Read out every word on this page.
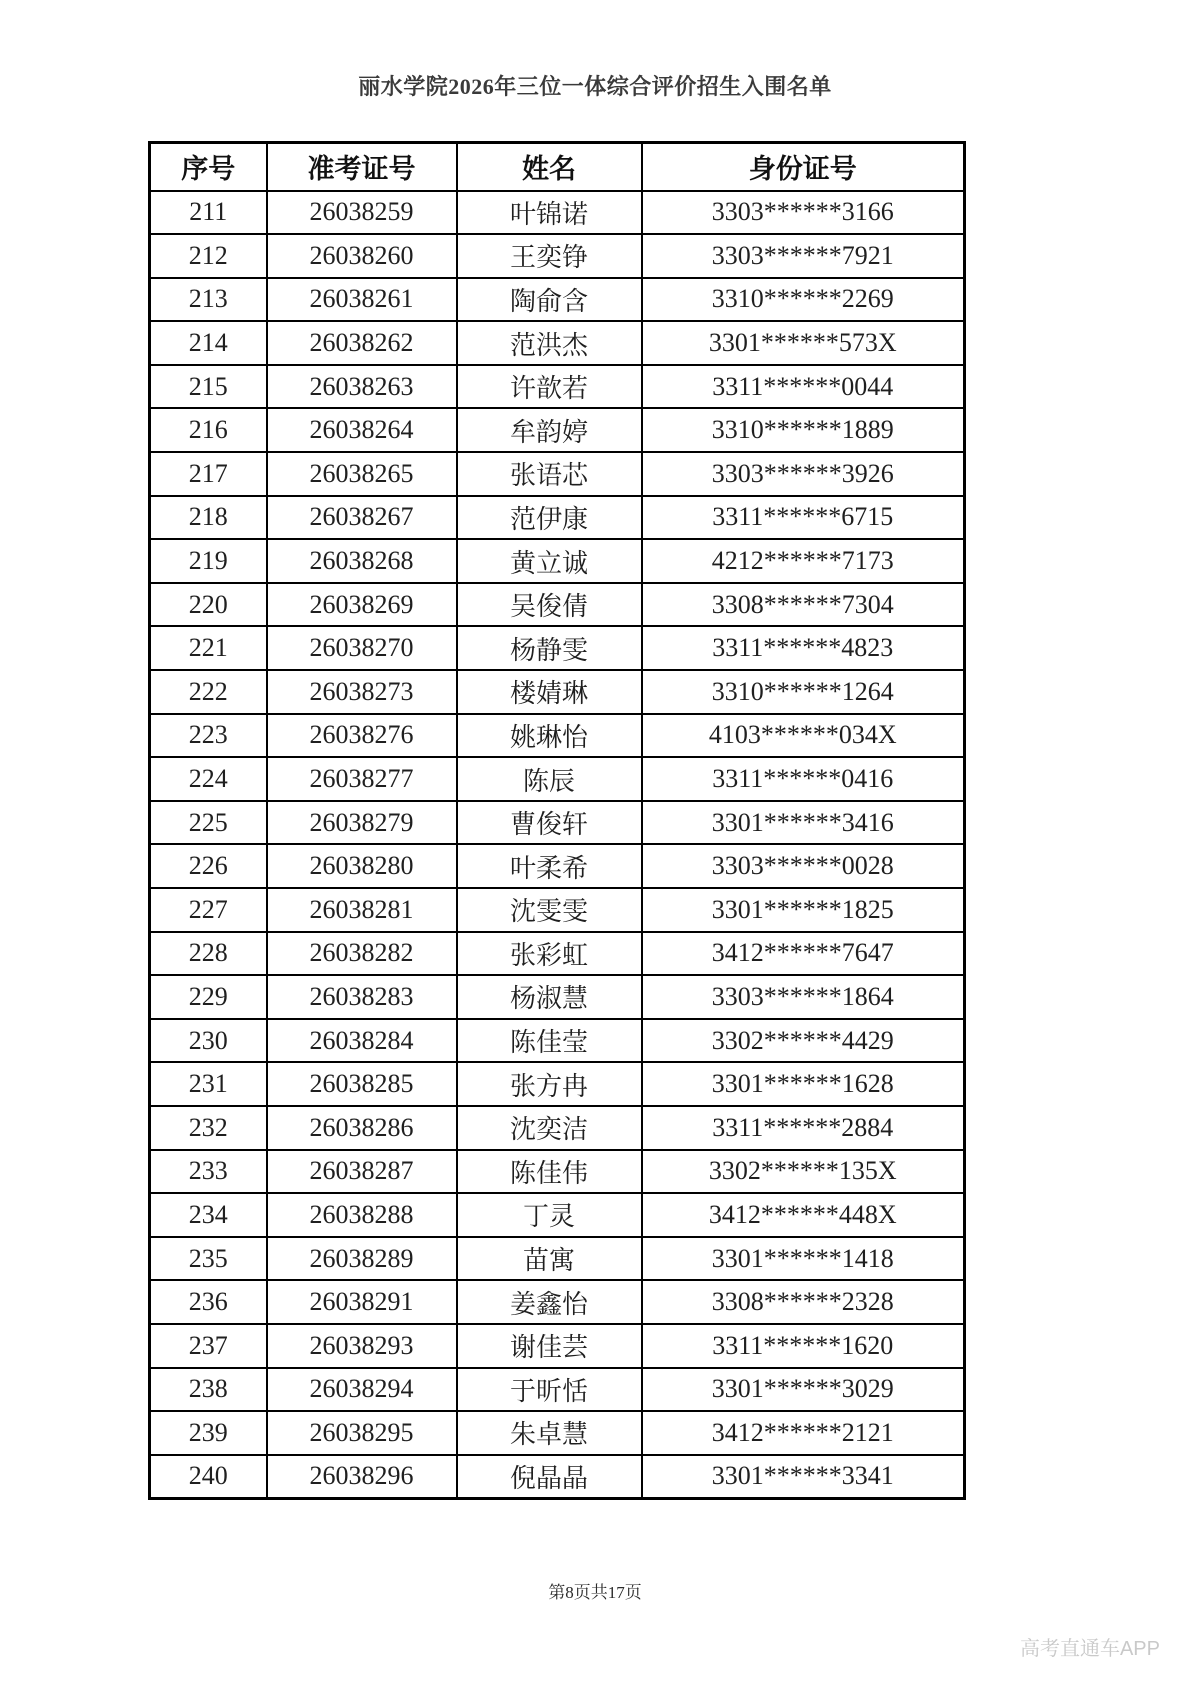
丽水学院2026年三位一体综合评价招生入围名单
序号	准考证号	姓名	身份证号
211	26038259	叶锦诺	3303******3166
212	26038260	王奕铮	3303******7921
213	26038261	陶俞含	3310******2269
214	26038262	范洪杰	3301******573X
215	26038263	许歆若	3311******0044
216	26038264	牟韵婷	3310******1889
217	26038265	张语芯	3303******3926
218	26038267	范伊康	3311******6715
219	26038268	黄立诚	4212******7173
220	26038269	吴俊倩	3308******7304
221	26038270	杨静雯	3311******4823
222	26038273	楼婧琳	3310******1264
223	26038276	姚琳怡	4103******034X
224	26038277	陈辰	3311******0416
225	26038279	曹俊轩	3301******3416
226	26038280	叶柔希	3303******0028
227	26038281	沈雯雯	3301******1825
228	26038282	张彩虹	3412******7647
229	26038283	杨淑慧	3303******1864
230	26038284	陈佳莹	3302******4429
231	26038285	张方冉	3301******1628
232	26038286	沈奕洁	3311******2884
233	26038287	陈佳伟	3302******135X
234	26038288	丁灵	3412******448X
235	26038289	苗寓	3301******1418
236	26038291	姜鑫怡	3308******2328
237	26038293	谢佳芸	3311******1620
238	26038294	于昕恬	3301******3029
239	26038295	朱卓慧	3412******2121
240	26038296	倪晶晶	3301******3341
第8页共17页
高考直通车APP
